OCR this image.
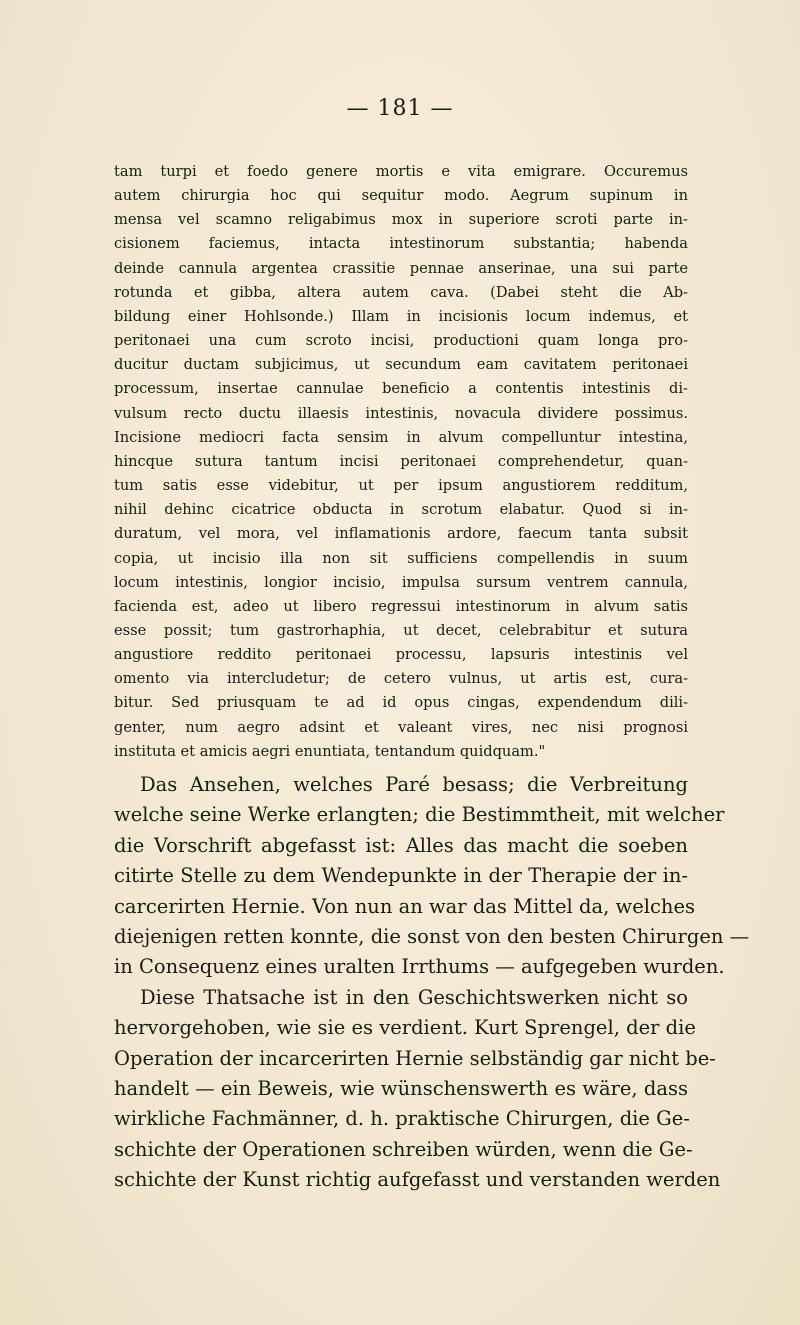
— 181 —
tam turpi et foedo genere mortis e vita emigrare. Occuremus
autem chirurgia hoc qui sequitur modo. Aegrum supinum in
mensa vel scamno religabimus mox in superiore scroti parte in-
cisionem faciemus, intacta intestinorum substantia; habenda
deinde cannula argentea crassitie pennae anserinae, una sui parte
rotunda et gibba, altera autem cava. (Dabei steht die Ab-
bildung einer Hohlsonde.) Illam in incisionis locum indemus, et
peritonaei una cum scroto incisi, productioni quam longa pro-
ducitur ductam subjicimus, ut secundum eam cavitatem peritonaei
processum, insertae cannulae beneficio a contentis intestinis di-
vulsum recto ductu illaesis intestinis, novacula dividere possimus.
Incisione mediocri facta sensim in alvum compelluntur intestina,
hincque sutura tantum incisi peritonaei comprehendetur, quan-
tum satis esse videbitur, ut per ipsum angustiorem redditum,
nihil dehinc cicatrice obducta in scrotum elabatur. Quod si in-
duratum, vel mora, vel inflamationis ardore, faecum tanta subsit
copia, ut incisio illa non sit sufficiens compellendis in suum
locum intestinis, longior incisio, impulsa sursum ventrem cannula,
facienda est, adeo ut libero regressui intestinorum in alvum satis
esse possit; tum gastrorhaphia, ut decet, celebrabitur et sutura
angustiore reddito peritonaei processu, lapsuris intestinis vel
omento via intercludetur; de cetero vulnus, ut artis est, cura-
bitur. Sed priusquam te ad id opus cingas, expendendum dili-
genter, num aegro adsint et valeant vires, nec nisi prognosi
instituta et amicis aegri enuntiata, tentandum quidquam."
Das Ansehen, welches Paré besass; die Verbreitung
welche seine Werke erlangten; die Bestimmtheit, mit welcher
die Vorschrift abgefasst ist: Alles das macht die soeben
citirte Stelle zu dem Wendepunkte in der Therapie der in-
carcerirten Hernie. Von nun an war das Mittel da, welches
diejenigen retten konnte, die sonst von den besten Chirurgen —
in Consequenz eines uralten Irrthums — aufgegeben wurden.
Diese Thatsache ist in den Geschichtswerken nicht so
hervorgehoben, wie sie es verdient. Kurt Sprengel, der die
Operation der incarcerirten Hernie selbständig gar nicht be-
handelt — ein Beweis, wie wünschenswerth es wäre, dass
wirkliche Fachmänner, d. h. praktische Chirurgen, die Ge-
schichte der Operationen schreiben würden, wenn die Ge-
schichte der Kunst richtig aufgefasst und verstanden werden
